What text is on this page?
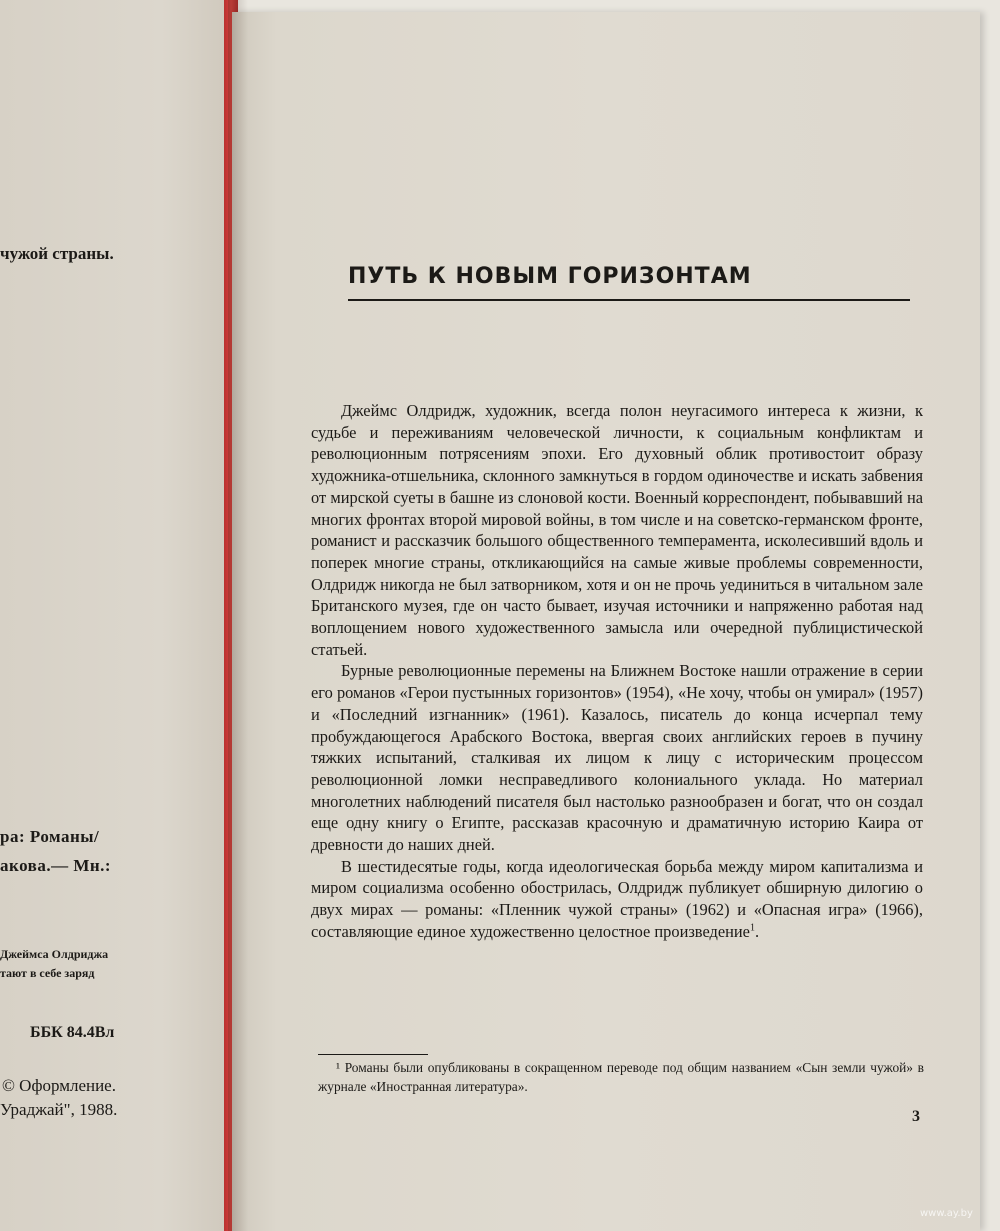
чужой страны.
ра: Романы/
акова.— Мн.:
Джеймса Олдриджа
тают в себе заряд
ББК 84.4Вл
© Оформление.
Ураджай", 1988.
ПУТЬ К НОВЫМ ГОРИЗОНТАМ

Джеймс Олдридж, художник, всегда полон неугасимого интереса к жизни, к судьбе и переживаниям человеческой личности, к социальным конфликтам и революционным потрясениям эпохи. Его духовный облик противостоит образу художника-отшельника, склонного замкнуться в гордом одиночестве и искать забвения от мирской суеты в башне из слоновой кости. Военный корреспондент, побывавший на многих фронтах второй мировой войны, в том числе и на советско-германском фронте, романист и рассказчик большого общественного темперамента, исколесивший вдоль и поперек многие страны, откликающийся на самые живые проблемы современности, Олдридж никогда не был затворником, хотя и он не прочь уединиться в читальном зале Британского музея, где он часто бывает, изучая источники и напряженно работая над воплощением нового художественного замысла или очередной публицистической статьей.

Бурные революционные перемены на Ближнем Востоке нашли отражение в серии его романов «Герои пустынных горизонтов» (1954), «Не хочу, чтобы он умирал» (1957) и «Последний изгнанник» (1961). Казалось, писатель до конца исчерпал тему пробуждающегося Арабского Востока, ввергая своих английских героев в пучину тяжких испытаний, сталкивая их лицом к лицу с историческим процессом революционной ломки несправедливого колониального уклада. Но материал многолетних наблюдений писателя был настолько разнообразен и богат, что он создал еще одну книгу о Египте, рассказав красочную и драматичную историю Каира от древности до наших дней.

В шестидесятые годы, когда идеологическая борьба между миром капитализма и миром социализма особенно обострилась, Олдридж публикует обширную дилогию о двух мирах — романы: «Пленник чужой страны» (1962) и «Опасная игра» (1966), составляющие единое художественно целостное произведение$^1$.

¹ Романы были опубликованы в сокращенном переводе под общим названием «Сын земли чужой» в журнале «Иностранная литература».

3
www.ay.by
